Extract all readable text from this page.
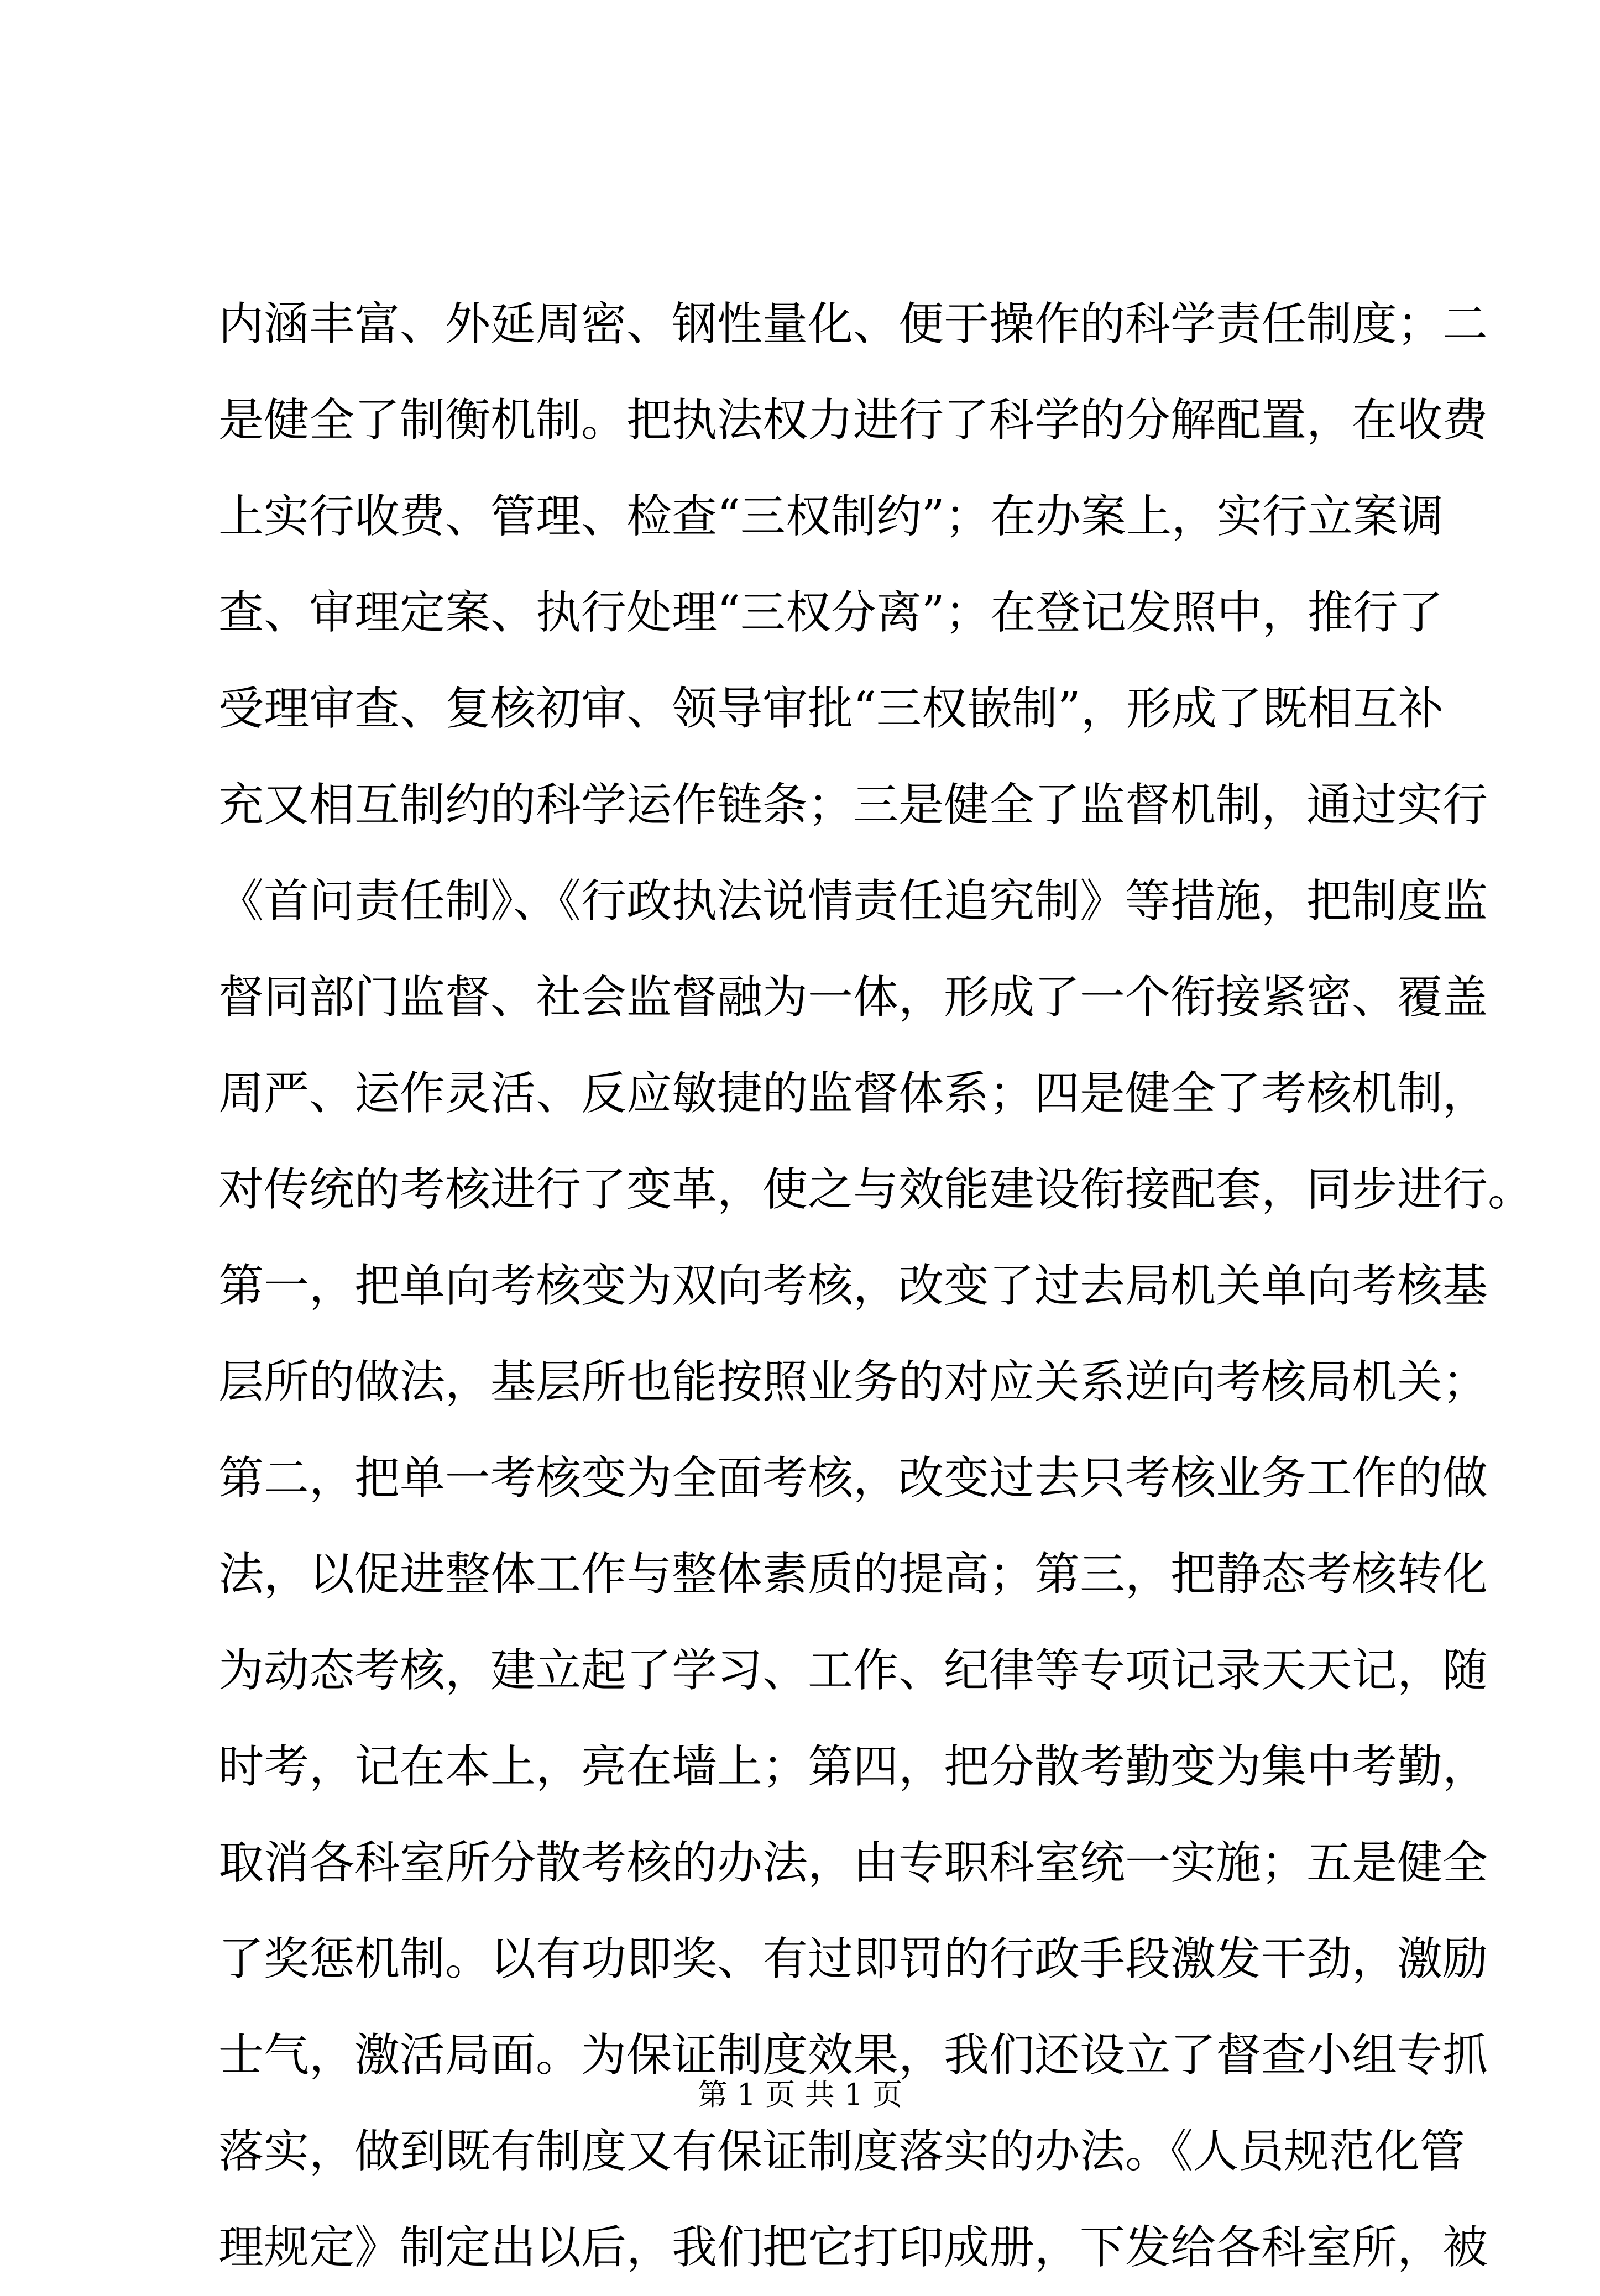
内涵丰富、外延周密、钢性量化、便于操作的科学责任制度；二
是健全了制衡机制。把执法权力进行了科学的分解配置，在收费
上实行收费、管理、检查“三权制约”；在办案上，实行立案调
查、审理定案、执行处理“三权分离”；在登记发照中，推行了
受理审查、复核初审、领导审批“三权嵌制”，形成了既相互补
充又相互制约的科学运作链条；三是健全了监督机制，通过实行
《首问责任制》、《行政执法说情责任追究制》等措施，把制度监
督同部门监督、社会监督融为一体，形成了一个衔接紧密、覆盖
周严、运作灵活、反应敏捷的监督体系；四是健全了考核机制，
对传统的考核进行了变革，使之与效能建设衔接配套，同步进行。
第一，把单向考核变为双向考核，改变了过去局机关单向考核基
层所的做法，基层所也能按照业务的对应关系逆向考核局机关；
第二，把单一考核变为全面考核，改变过去只考核业务工作的做
法，以促进整体工作与整体素质的提高；第三，把静态考核转化
为动态考核，建立起了学习、工作、纪律等专项记录天天记，随
时考，记在本上，亮在墙上；第四，把分散考勤变为集中考勤，
取消各科室所分散考核的办法，由专职科室统一实施；五是健全
了奖惩机制。以有功即奖、有过即罚的行政手段激发干劲，激励
士气，激活局面。为保证制度效果，我们还设立了督查小组专抓
落实，做到既有制度又有保证制度落实的办法。《人员规范化管
理规定》制定出以后，我们把它打印成册，下发给各科室所，被
第 1 页 共 1 页
